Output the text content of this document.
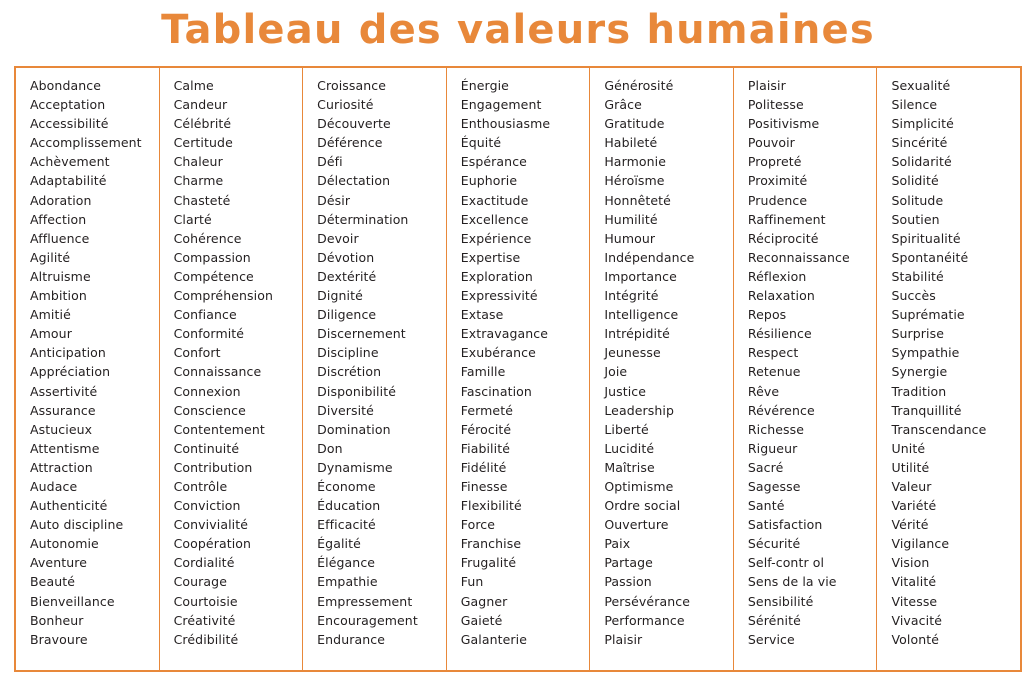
Tableau des valeurs humaines
Abondance
Acceptation
Accessibilité
Accomplissement
Achèvement
Adaptabilité
Adoration
Affection
Affluence
Agilité
Altruisme
Ambition
Amitié
Amour
Anticipation
Appréciation
Assertivité
Assurance
Astucieux
Attentisme
Attraction
Audace
Authenticité
Auto discipline
Autonomie
Aventure
Beauté
Bienveillance
Bonheur
Bravoure
Calme
Candeur
Célébrité
Certitude
Chaleur
Charme
Chasteté
Clarté
Cohérence
Compassion
Compétence
Compréhension
Confiance
Conformité
Confort
Connaissance
Connexion
Conscience
Contentement
Continuité
Contribution
Contrôle
Conviction
Convivialité
Coopération
Cordialité
Courage
Courtoisie
Créativité
Crédibilité
Croissance
Curiosité
Découverte
Déférence
Défi
Délectation
Désir
Détermination
Devoir
Dévotion
Dextérité
Dignité
Diligence
Discernement
Discipline
Discrétion
Disponibilité
Diversité
Domination
Don
Dynamisme
Économe
Éducation
Efficacité
Égalité
Élégance
Empathie
Empressement
Encouragement
Endurance
Énergie
Engagement
Enthousiasme
Équité
Espérance
Euphorie
Exactitude
Excellence
Expérience
Expertise
Exploration
Expressivité
Extase
Extravagance
Exubérance
Famille
Fascination
Fermeté
Férocité
Fiabilité
Fidélité
Finesse
Flexibilité
Force
Franchise
Frugalité
Fun
Gagner
Gaieté
Galanterie
Générosité
Grâce
Gratitude
Habileté
Harmonie
Héroïsme
Honnêteté
Humilité
Humour
Indépendance
Importance
Intégrité
Intelligence
Intrépidité
Jeunesse
Joie
Justice
Leadership
Liberté
Lucidité
Maîtrise
Optimisme
Ordre social
Ouverture
Paix
Partage
Passion
Persévérance
Performance
Plaisir
Plaisir
Politesse
Positivisme
Pouvoir
Propreté
Proximité
Prudence
Raffinement
Réciprocité
Reconnaissance
Réflexion
Relaxation
Repos
Résilience
Respect
Retenue
Rêve
Révérence
Richesse
Rigueur
Sacré
Sagesse
Santé
Satisfaction
Sécurité
Self-contr ol
Sens de la vie
Sensibilité
Sérénité
Service
Sexualité
Silence
Simplicité
Sincérité
Solidarité
Solidité
Solitude
Soutien
Spiritualité
Spontanéité
Stabilité
Succès
Suprématie
Surprise
Sympathie
Synergie
Tradition
Tranquillité
Transcendance
Unité
Utilité
Valeur
Variété
Vérité
Vigilance
Vision
Vitalité
Vitesse
Vivacité
Volonté
